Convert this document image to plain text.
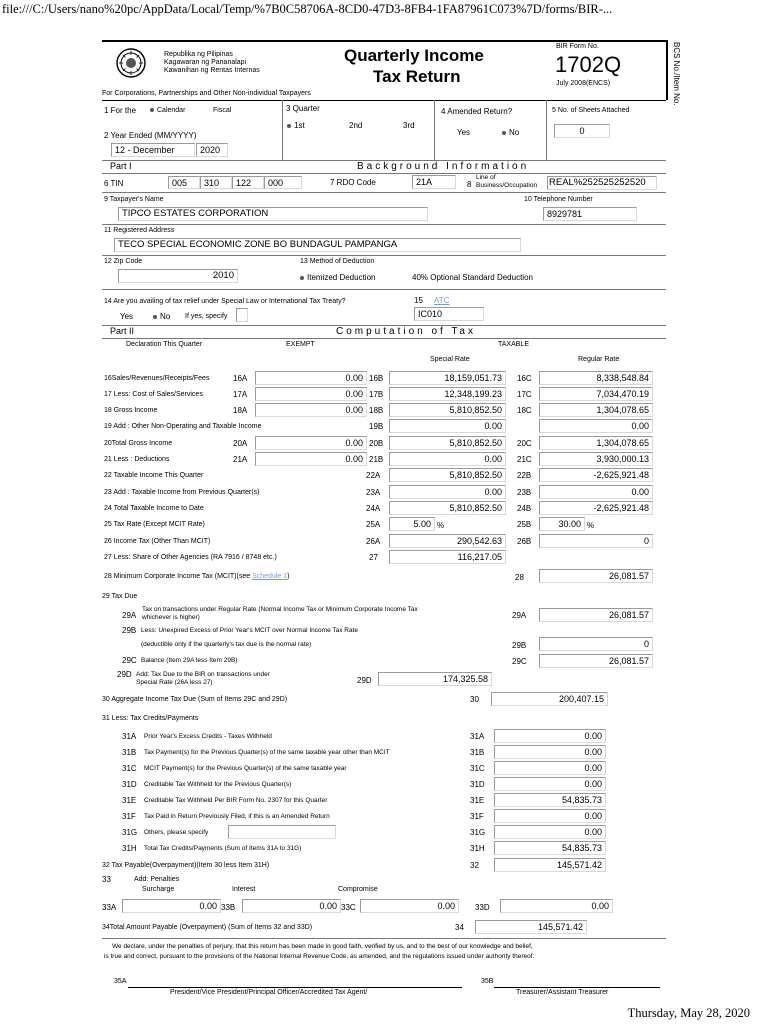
file:///C:/Users/nano%20pc/AppData/Local/Temp/%7B0C58706A-8CD0-47D3-8FB4-1FA87961C073%7D/forms/BIR-...
Thursday, May 28, 2020
Republika ng Pilipinas
Kagawaran ng Pananalapi
Kawanihan ng Rentas Internas
Quarterly Income
Tax Return
BIR Form No.
1702Q
July 2008(ENCS)	BCS No./Item No.
For Corporations, Partnerships and Other Non-individual Taxpayers
1 For the	Calendar	Fiscal
2 Year Ended (MM/YYYY)
12 - December	2020
3 Quarter
1st	2nd	3rd
4 Amended Return?
Yes	No
5 No. of Sheets Attached
0
Part I	Background Information
6 TIN	005	310	122	000	7 RDO Code	21A	8
Line of
Business/Occupation REAL%252525252520
9 Taxpayer's Name
TIPCO ESTATES CORPORATION
10 Telephone Number
8929781
11 Registered Address
TECO SPECIAL ECONOMIC ZONE BO BUNDAGUL PAMPANGA
12 Zip Code
2010
13 Method of Deduction
Itemized Deduction	40% Optional Standard Deduction
14 Are you availing of tax relief under Special Law or International Tax Treaty?
Yes	No If yes, specify
15 ATC
IC010
Part II	Computation of Tax
Declaration This Quarter	EXEMPT	TAXABLE
Special Rate	Regular Rate
16Sales/Revenues/Receipts/Fees	16A	0.00 16B	18,159,051.73	16C	8,338,548.84
17 Less: Cost of Sales/Services	17A	0.00 17B	12,348,199.23	17C	7,034,470.19
18 Gross Income	18A	0.00 18B	5,810,852.50	18C	1,304,078.65
19 Add : Other Non-Operating and Taxable Income	19B	0.00	0.00
20Total Gross Income	20A	0.00 20B	5,810,852.50	20C	1,304,078.65
21 Less : Deductions	21A	0.00 21B	0.00	21C	3,930,000.13
22 Taxable Income This Quarter	22A	5,810,852.50	22B	-2,625,921.48
23 Add : Taxable Income from Previous Quarter(s)	23A	0.00	23B	0.00
24 Total Taxable Income to Date	24A	5,810,852.50	24B	-2,625,921.48
25 Tax Rate (Except MCIT Rate)	25A	5.00 %	25B	30.00 %
26 Income Tax (Other Than MCIT)	26A	290,542.63	26B	0
27 Less: Share of Other Agencies (RA 7916 / 8748 etc.)	27	116,217.05
28 Minimum Corporate Income Tax (MCIT)(see Schedule 1)	28	26,081.57
29 Tax Due
29A
Tax on transactions under Regular Rate (Normal Income Tax or Minimum Corporate Income Tax
whichever is higher)	29A	26,081.57
29B Less: Unexpired Excess of Prior Year's MCIT over Normal Income Tax Rate
(deductible only if the quarterly's tax due is the normal rate)	29B	0
29C Balance (Item 29A less Item 29B)	29C	26,081.57
29D Add: Tax Due to the BIR on transactions under
Special Rate (26A less 27)	29D	174,325.58
30 Aggregate Income Tax Due (Sum of Items 29C and 29D)	30	200,407.15
31 Less: Tax Credits/Payments
31A Prior Year's Excess Credits - Taxes Withheld	31A	0.00
31B Tax Payment(s) for the Previous Quarter(s) of the same taxable year other than MCIT	31B	0.00
31C MCIT Payment(s) for the Previous Quarter(s) of the same taxable year	31C	0.00
31D Creditable Tax Withheld for the Previous Quarter(s)	31D	0.00
31E Creditable Tax Withheld Per BIR Form No. 2307 for this Quarter	31E	54,835.73
31F Tax Paid in Return Previously Filed, if this is an Amended Return	31F	0.00
31G Others, please specify	31G	0.00
31H Total Tax Credits/Payments (Sum of Items 31A to 31G)	31H	54,835.73
32 Tax Payable(Overpayment)(Item 30 less Item 31H)	32	145,571.42
33	Add: Penalties
Surcharge	Interest	Compromise
33A	0.00 33B	0.00 33C	0.00	33D	0.00
34Total Amount Payable (Overpayment) (Sum of Items 32 and 33D)	34	145,571.42
We declare, under the penalties of perjury, that this return has been made in good faith, verified by us, and to the best of our knowledge and belief,
is true and correct, pursuant to the provisions of the National Internal Revenue Code, as amended, and the regulations issued under authority thereof.
35A
President/Vice President/Principal Officer/Accredited Tax Agent/
35B
Treasurer/Assistant Treasurer
